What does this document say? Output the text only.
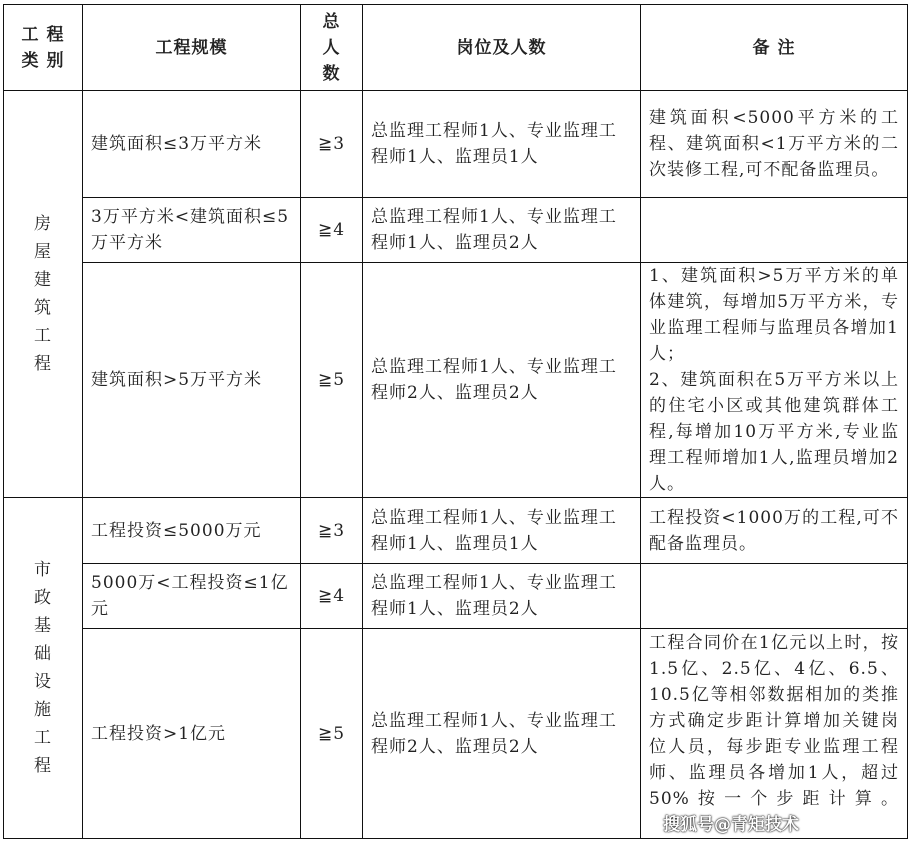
工 程
类 别	工程规模	总人数	岗位及人数	备 注

房屋建筑工程	建筑面积≤3万平方米	≧3	总监理工程师1人、专业监理工程师1人、监理员1人	建筑面积<5000平方米的工程、建筑面积<1万平方米的二次装修工程,可不配备监理员。
	3万平方米<建筑面积≤5万平方米	≧4	总监理工程师1人、专业监理工程师1人、监理员2人	
	建筑面积>5万平方米	≧5	总监理工程师1人、专业监理工程师2人、监理员2人	1、建筑面积>5万平方米的单体建筑，每增加5万平方米，专业监理工程师与监理员各增加1人；
2、建筑面积在5万平方米以上的住宅小区或其他建筑群体工程,每增加10万平方米,专业监理工程师增加1人,监理员增加2人。

市政基础设施工程	工程投资≤5000万元	≧3	总监理工程师1人、专业监理工程师1人、监理员1人	工程投资<1000万的工程,可不配备监理员。
	5000万<工程投资≤1亿元	≧4	总监理工程师1人、专业监理工程师1人、监理员2人	
	工程投资>1亿元	≧5	总监理工程师1人、专业监理工程师2人、监理员2人	工程合同价在1亿元以上时，按1.5亿、2.5亿、4亿、6.5、10.5亿等相邻数据相加的类推方式确定步距计算增加关键岗位人员，每步距专业监理工程师、监理员各增加1人，超过50%按一个步距计算。搜狐号@青矩技术
